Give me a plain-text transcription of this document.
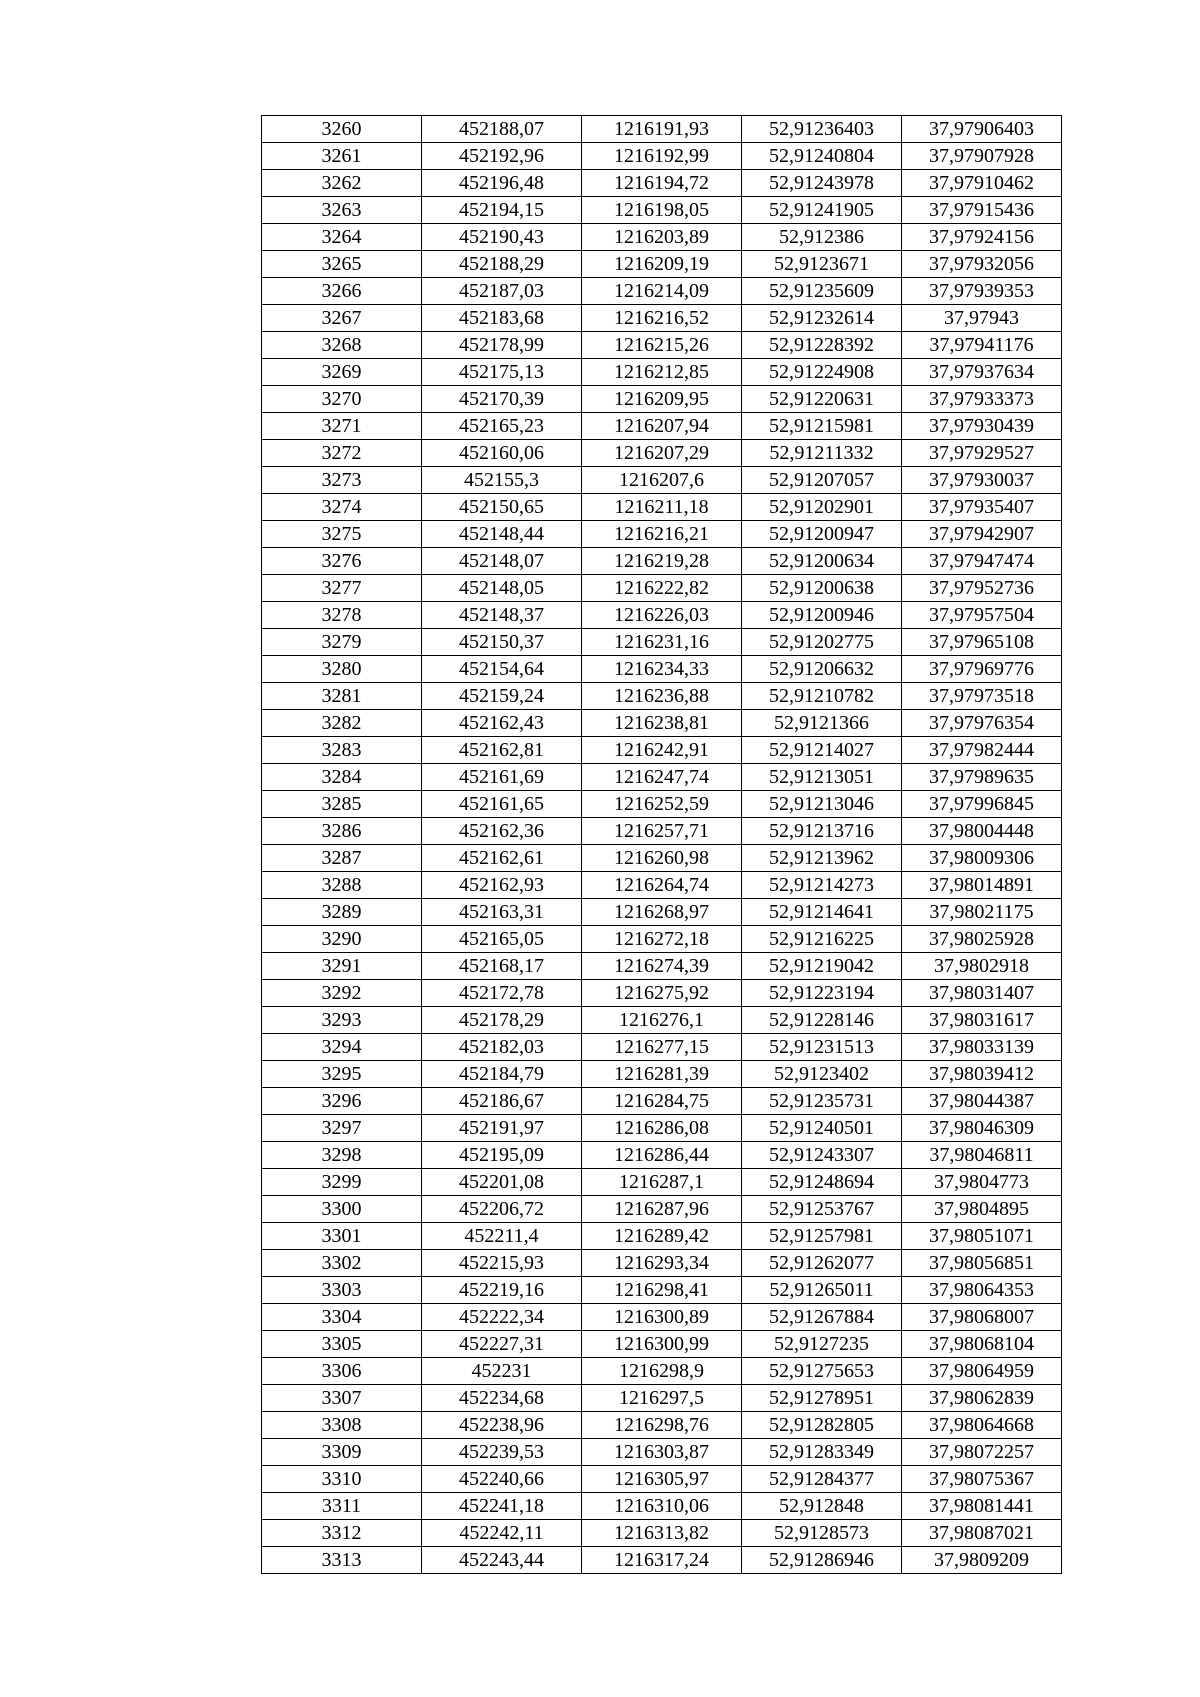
3260	452188,07	1216191,93	52,91236403	37,97906403
3261	452192,96	1216192,99	52,91240804	37,97907928
3262	452196,48	1216194,72	52,91243978	37,97910462
3263	452194,15	1216198,05	52,91241905	37,97915436
3264	452190,43	1216203,89	52,912386	37,97924156
3265	452188,29	1216209,19	52,9123671	37,97932056
3266	452187,03	1216214,09	52,91235609	37,97939353
3267	452183,68	1216216,52	52,91232614	37,97943
3268	452178,99	1216215,26	52,91228392	37,97941176
3269	452175,13	1216212,85	52,91224908	37,97937634
3270	452170,39	1216209,95	52,91220631	37,97933373
3271	452165,23	1216207,94	52,91215981	37,97930439
3272	452160,06	1216207,29	52,91211332	37,97929527
3273	452155,3	1216207,6	52,91207057	37,97930037
3274	452150,65	1216211,18	52,91202901	37,97935407
3275	452148,44	1216216,21	52,91200947	37,97942907
3276	452148,07	1216219,28	52,91200634	37,97947474
3277	452148,05	1216222,82	52,91200638	37,97952736
3278	452148,37	1216226,03	52,91200946	37,97957504
3279	452150,37	1216231,16	52,91202775	37,97965108
3280	452154,64	1216234,33	52,91206632	37,97969776
3281	452159,24	1216236,88	52,91210782	37,97973518
3282	452162,43	1216238,81	52,9121366	37,97976354
3283	452162,81	1216242,91	52,91214027	37,97982444
3284	452161,69	1216247,74	52,91213051	37,97989635
3285	452161,65	1216252,59	52,91213046	37,97996845
3286	452162,36	1216257,71	52,91213716	37,98004448
3287	452162,61	1216260,98	52,91213962	37,98009306
3288	452162,93	1216264,74	52,91214273	37,98014891
3289	452163,31	1216268,97	52,91214641	37,98021175
3290	452165,05	1216272,18	52,91216225	37,98025928
3291	452168,17	1216274,39	52,91219042	37,9802918
3292	452172,78	1216275,92	52,91223194	37,98031407
3293	452178,29	1216276,1	52,91228146	37,98031617
3294	452182,03	1216277,15	52,91231513	37,98033139
3295	452184,79	1216281,39	52,9123402	37,98039412
3296	452186,67	1216284,75	52,91235731	37,98044387
3297	452191,97	1216286,08	52,91240501	37,98046309
3298	452195,09	1216286,44	52,91243307	37,98046811
3299	452201,08	1216287,1	52,91248694	37,9804773
3300	452206,72	1216287,96	52,91253767	37,9804895
3301	452211,4	1216289,42	52,91257981	37,98051071
3302	452215,93	1216293,34	52,91262077	37,98056851
3303	452219,16	1216298,41	52,91265011	37,98064353
3304	452222,34	1216300,89	52,91267884	37,98068007
3305	452227,31	1216300,99	52,9127235	37,98068104
3306	452231	1216298,9	52,91275653	37,98064959
3307	452234,68	1216297,5	52,91278951	37,98062839
3308	452238,96	1216298,76	52,91282805	37,98064668
3309	452239,53	1216303,87	52,91283349	37,98072257
3310	452240,66	1216305,97	52,91284377	37,98075367
3311	452241,18	1216310,06	52,912848	37,98081441
3312	452242,11	1216313,82	52,9128573	37,98087021
3313	452243,44	1216317,24	52,91286946	37,9809209
